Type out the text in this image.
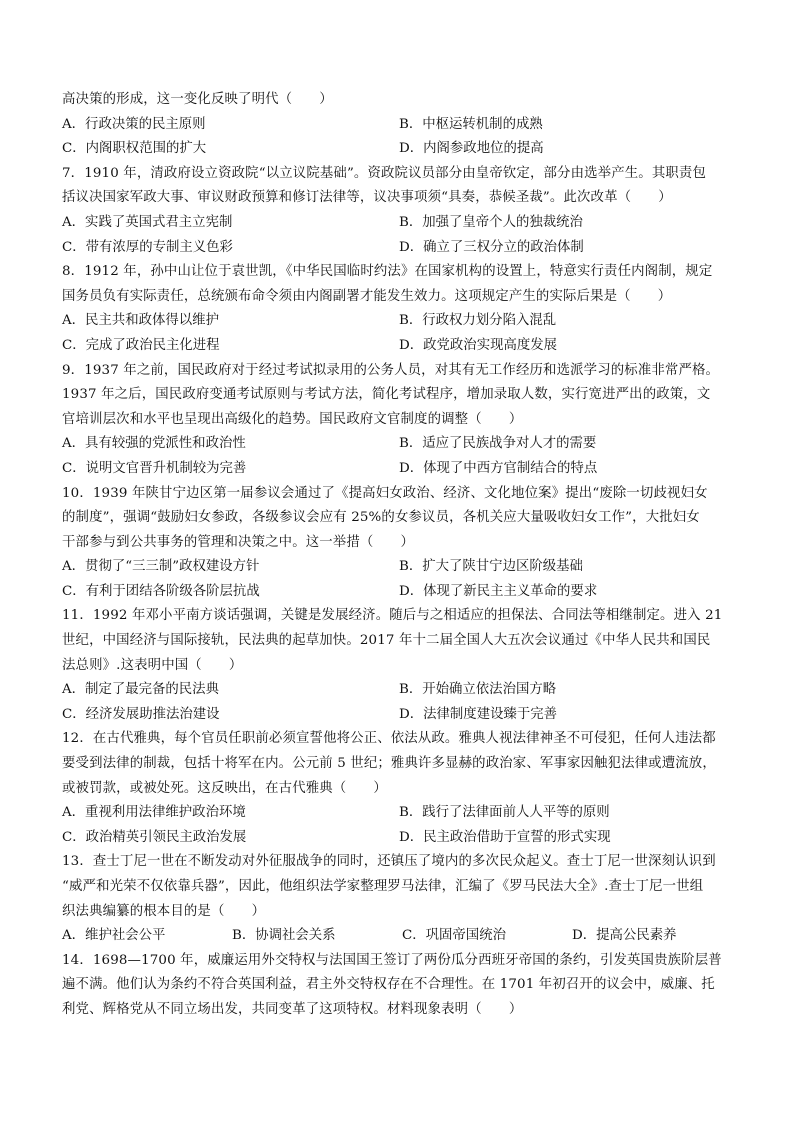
高决策的形成，这一变化反映了明代（　　）
A．行政决策的民主原则	B．中枢运转机制的成熟
C．内阁职权范围的扩大	D．内阁参政地位的提高
7．1910 年，清政府设立资政院“以立议院基础”。资政院议员部分由皇帝钦定，部分由选举产生。其职责包
括议决国家军政大事、审议财政预算和修订法律等，议决事项须“具奏，恭候圣裁”。此次改革（　　）
A．实践了英国式君主立宪制	B．加强了皇帝个人的独裁统治
C．带有浓厚的专制主义色彩	D．确立了三权分立的政治体制
8．1912 年，孙中山让位于袁世凯，《中华民国临时约法》在国家机构的设置上，特意实行责任内阁制，规定
国务员负有实际责任，总统颁布命令须由内阁副署才能发生效力。这项规定产生的实际后果是（　　）
A．民主共和政体得以维护	B．行政权力划分陷入混乱
C．完成了政治民主化进程	D．政党政治实现高度发展
9．1937 年之前，国民政府对于经过考试拟录用的公务人员，对其有无工作经历和选派学习的标准非常严格。
1937 年之后，国民政府变通考试原则与考试方法，简化考试程序，增加录取人数，实行宽进严出的政策，文
官培训层次和水平也呈现出高级化的趋势。国民政府文官制度的调整（　　）
A．具有较强的党派性和政治性	B．适应了民族战争对人才的需要
C．说明文官晋升机制较为完善	D．体现了中西方官制结合的特点
10．1939 年陕甘宁边区第一届参议会通过了《提高妇女政治、经济、文化地位案》提出“废除一切歧视妇女
的制度”，强调“鼓励妇女参政，各级参议会应有 25%的女参议员，各机关应大量吸收妇女工作”，大批妇女
干部参与到公共事务的管理和决策之中。这一举措（　　）
A．贯彻了“三三制”政权建设方针	B．扩大了陕甘宁边区阶级基础
C．有利于团结各阶级各阶层抗战	D．体现了新民主主义革命的要求
11．1992 年邓小平南方谈话强调，关键是发展经济。随后与之相适应的担保法、合同法等相继制定。进入 21
世纪，中国经济与国际接轨，民法典的起草加快。2017 年十二届全国人大五次会议通过《中华人民共和国民
法总则》.这表明中国（　　）
A．制定了最完备的民法典	B．开始确立依法治国方略
C．经济发展助推法治建设	D．法律制度建设臻于完善
12．在古代雅典，每个官员任职前必须宣誓他将公正、依法从政。雅典人视法律神圣不可侵犯，任何人违法都
要受到法律的制裁，包括十将军在内。公元前 5 世纪；雅典许多显赫的政治家、军事家因触犯法律或遭流放，
或被罚款，或被处死。这反映出，在古代雅典（　　）
A．重视利用法律维护政治环境	B．践行了法律面前人人平等的原则
C．政治精英引领民主政治发展	D．民主政治借助于宣誓的形式实现
13．查士丁尼一世在不断发动对外征服战争的同时，还镇压了境内的多次民众起义。查士丁尼一世深刻认识到
“威严和光荣不仅依靠兵器”，因此，他组织法学家整理罗马法律，汇编了《罗马民法大全》.查士丁尼一世组
织法典编纂的根本目的是（　　）
A．维护社会公平	B．协调社会关系	C．巩固帝国统治	D．提高公民素养
14．1698—1700 年，威廉运用外交特权与法国国王签订了两份瓜分西班牙帝国的条约，引发英国贵族阶层普
遍不满。他们认为条约不符合英国利益，君主外交特权存在不合理性。在 1701 年初召开的议会中，威廉、托
利党、辉格党从不同立场出发，共同变革了这项特权。材料现象表明（　　）
